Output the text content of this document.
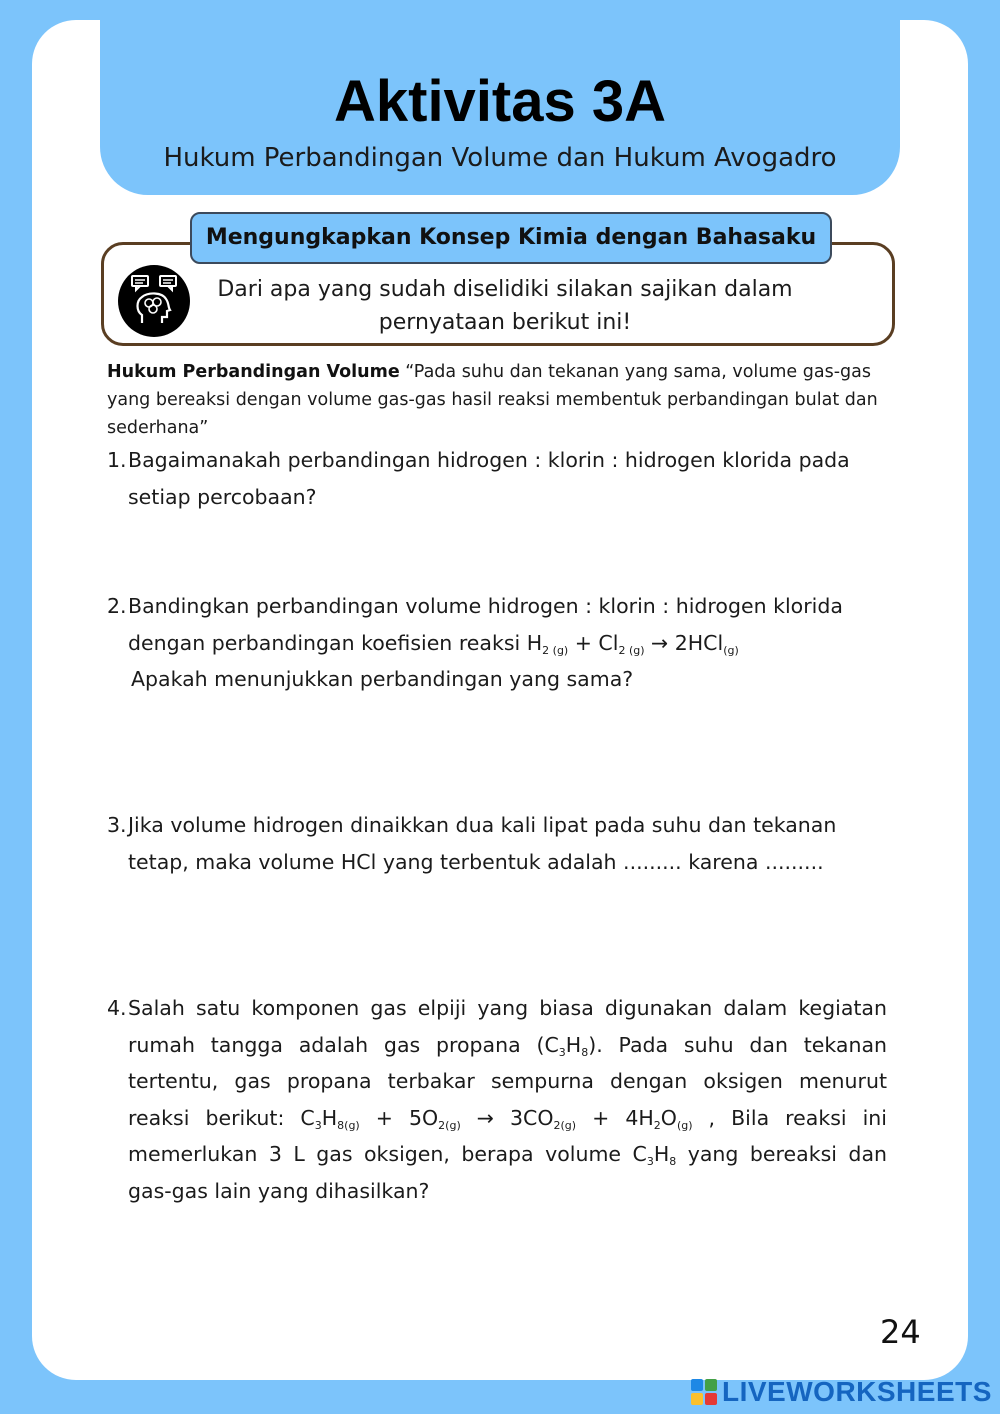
Aktivitas 3A

Hukum Perbandingan Volume dan Hukum Avogadro

Mengungkapkan Konsep Kimia dengan Bahasaku
Dari apa yang sudah diselidiki silakan sajikan dalam
pernyataan berikut ini!

Hukum Perbandingan Volume “Pada suhu dan tekanan yang sama, volume gas-gas yang bereaksi dengan volume gas-gas hasil reaksi membentuk perbandingan bulat dan sederhana”

1. Bagaimanakah perbandingan hidrogen : klorin : hidrogen klorida pada setiap percobaan?
2. Bandingkan perbandingan volume hidrogen : klorin : hidrogen klorida dengan perbandingan koefisien reaksi $H_{2 (g)} + Cl_{2 (g)} \to 2HCl_{(g)}$
Apakah menunjukkan perbandingan yang sama?
3. Jika volume hidrogen dinaikkan dua kali lipat pada suhu dan tekanan tetap, maka volume HCl yang terbentuk adalah ......... karena .........
4. Salah satu komponen gas elpiji yang biasa digunakan dalam kegiatan rumah tangga adalah gas propana $(C_3H_8)$. Pada suhu dan tekanan tertentu, gas propana terbakar sempurna dengan oksigen menurut reaksi berikut: $C_3H_{8(g)} + 5O_{2(g)} \to 3CO_{2(g)} + 4H_2O_{(g)}$ , Bila reaksi ini memerlukan 3 L gas oksigen, berapa volume $C_3H_8$ yang bereaksi dan gas-gas lain yang dihasilkan?
24
LIVEWORKSHEETS
